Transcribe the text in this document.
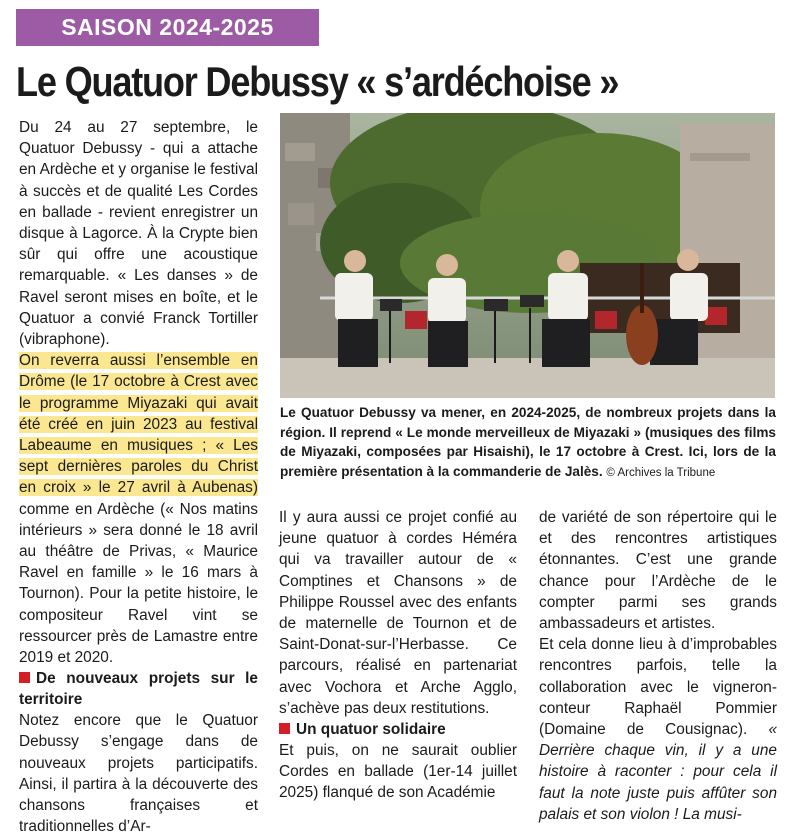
SAISON 2024-2025
Le Quatuor Debussy « s’ardéchoise »

Du 24 au 27 septembre, le Quatuor Debussy - qui a attache en Ardèche et y organise le festival à succès et de qualité Les Cordes en ballade - revient enregistrer un disque à Lagorce. À la Crypte bien sûr qui offre une acoustique remarquable. « Les danses » de Ravel seront mises en boîte, et le Quatuor a convié Franck Tortiller (vibraphone).

On reverra aussi l’ensemble en Drôme (le 17 octobre à Crest avec le programme Miyazaki qui avait été créé en juin 2023 au festival Labeaume en musiques ; « Les sept dernières paroles du Christ en croix » le 27 avril à Aubenas) comme en Ardèche (« Nos matins intérieurs » sera donné le 18 avril au théâtre de Privas, « Maurice Ravel en famille » le 16 mars à Tournon). Pour la petite histoire, le compositeur Ravel vint se ressourcer près de Lamastre entre 2019 et 2020.

De nouveaux projets sur le territoire

Notez encore que le Quatuor Debussy s’engage dans de nouveaux projets participatifs. Ainsi, il partira à la découverte des chansons françaises et traditionnelles d’Ar-

Le Quatuor Debussy va mener, en 2024-2025, de nombreux projets dans la région. Il reprend « Le monde merveilleux de Miyazaki » (musiques des films de Miyazaki, composées par Hisaishi), le 17 octobre à Crest. Ici, lors de la première présentation à la commanderie de Jalès. © Archives la Tribune

Il y aura aussi ce projet confié au jeune quatuor à cordes Héméra qui va travailler autour de « Comptines et Chansons » de Philippe Roussel avec des enfants de maternelle de Tournon et de Saint-Donat-sur-l’Herbasse. Ce parcours, réalisé en partenariat avec Vochora et Arche Agglo, s’achève pas deux restitutions.

Un quatuor solidaire

Et puis, on ne saurait oublier Cordes en ballade (1er-14 juillet 2025) flanqué de son Académie

de variété de son répertoire qui le et des rencontres artistiques étonnantes. C’est une grande chance pour l’Ardèche de le compter parmi ses grands ambassadeurs et artistes.

Et cela donne lieu à d’improbables rencontres parfois, telle la collaboration avec le vigneron-conteur Raphaël Pommier (Domaine de Cousignac). « Derrière chaque vin, il y a une histoire à raconter : pour cela il faut la note juste puis affûter son palais et son violon ! La musi-
